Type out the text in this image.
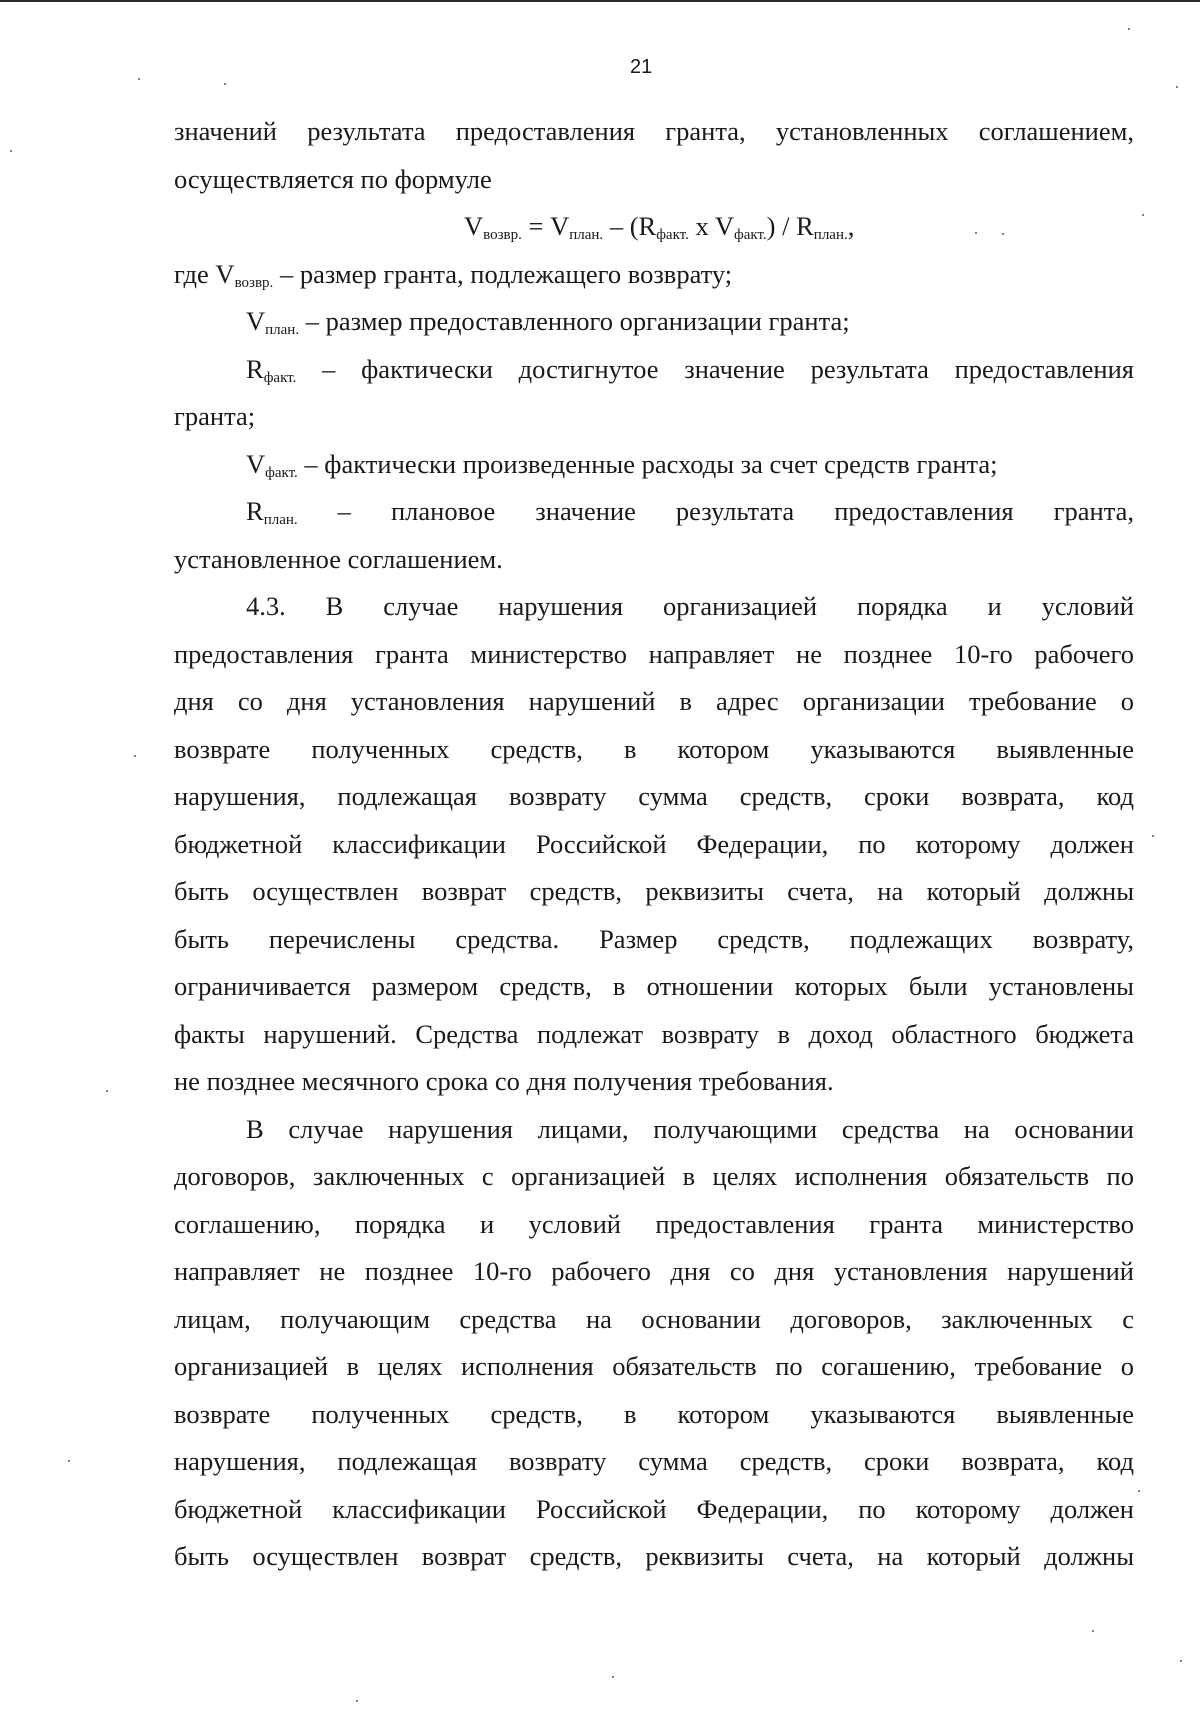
21
значений результата предоставления гранта, установленных соглашением,
осуществляется по формуле
$V_{возвр.} = V_{план.} - (R_{факт.}$ x $V_{факт.}) / R_{план.}$,
где $V_{возвр.}$ – размер гранта, подлежащего возврату;
$V_{план.}$ – размер предоставленного организации гранта;
$R_{факт.}$ – фактически достигнутое значение результата предоставления
гранта;
$V_{факт.}$ – фактически произведенные расходы за счет средств гранта;
$R_{план.}$ – плановое значение результата предоставления гранта,
установленное соглашением.
4.3. В случае нарушения организацией порядка и условий
предоставления гранта министерство направляет не позднее 10-го рабочего
дня со дня установления нарушений в адрес организации требование о
возврате полученных средств, в котором указываются выявленные
нарушения, подлежащая возврату сумма средств, сроки возврата, код
бюджетной классификации Российской Федерации, по которому должен
быть осуществлен возврат средств, реквизиты счета, на который должны
быть перечислены средства. Размер средств, подлежащих возврату,
ограничивается размером средств, в отношении которых были установлены
факты нарушений. Средства подлежат возврату в доход областного бюджета
не позднее месячного срока со дня получения требования.
В случае нарушения лицами, получающими средства на основании
договоров, заключенных с организацией в целях исполнения обязательств по
соглашению, порядка и условий предоставления гранта министерство
направляет не позднее 10-го рабочего дня со дня установления нарушений
лицам, получающим средства на основании договоров, заключенных с
организацией в целях исполнения обязательств по согашению, требование о
возврате полученных средств, в котором указываются выявленные
нарушения, подлежащая возврату сумма средств, сроки возврата, код
бюджетной классификации Российской Федерации, по которому должен
быть осуществлен возврат средств, реквизиты счета, на который должны
